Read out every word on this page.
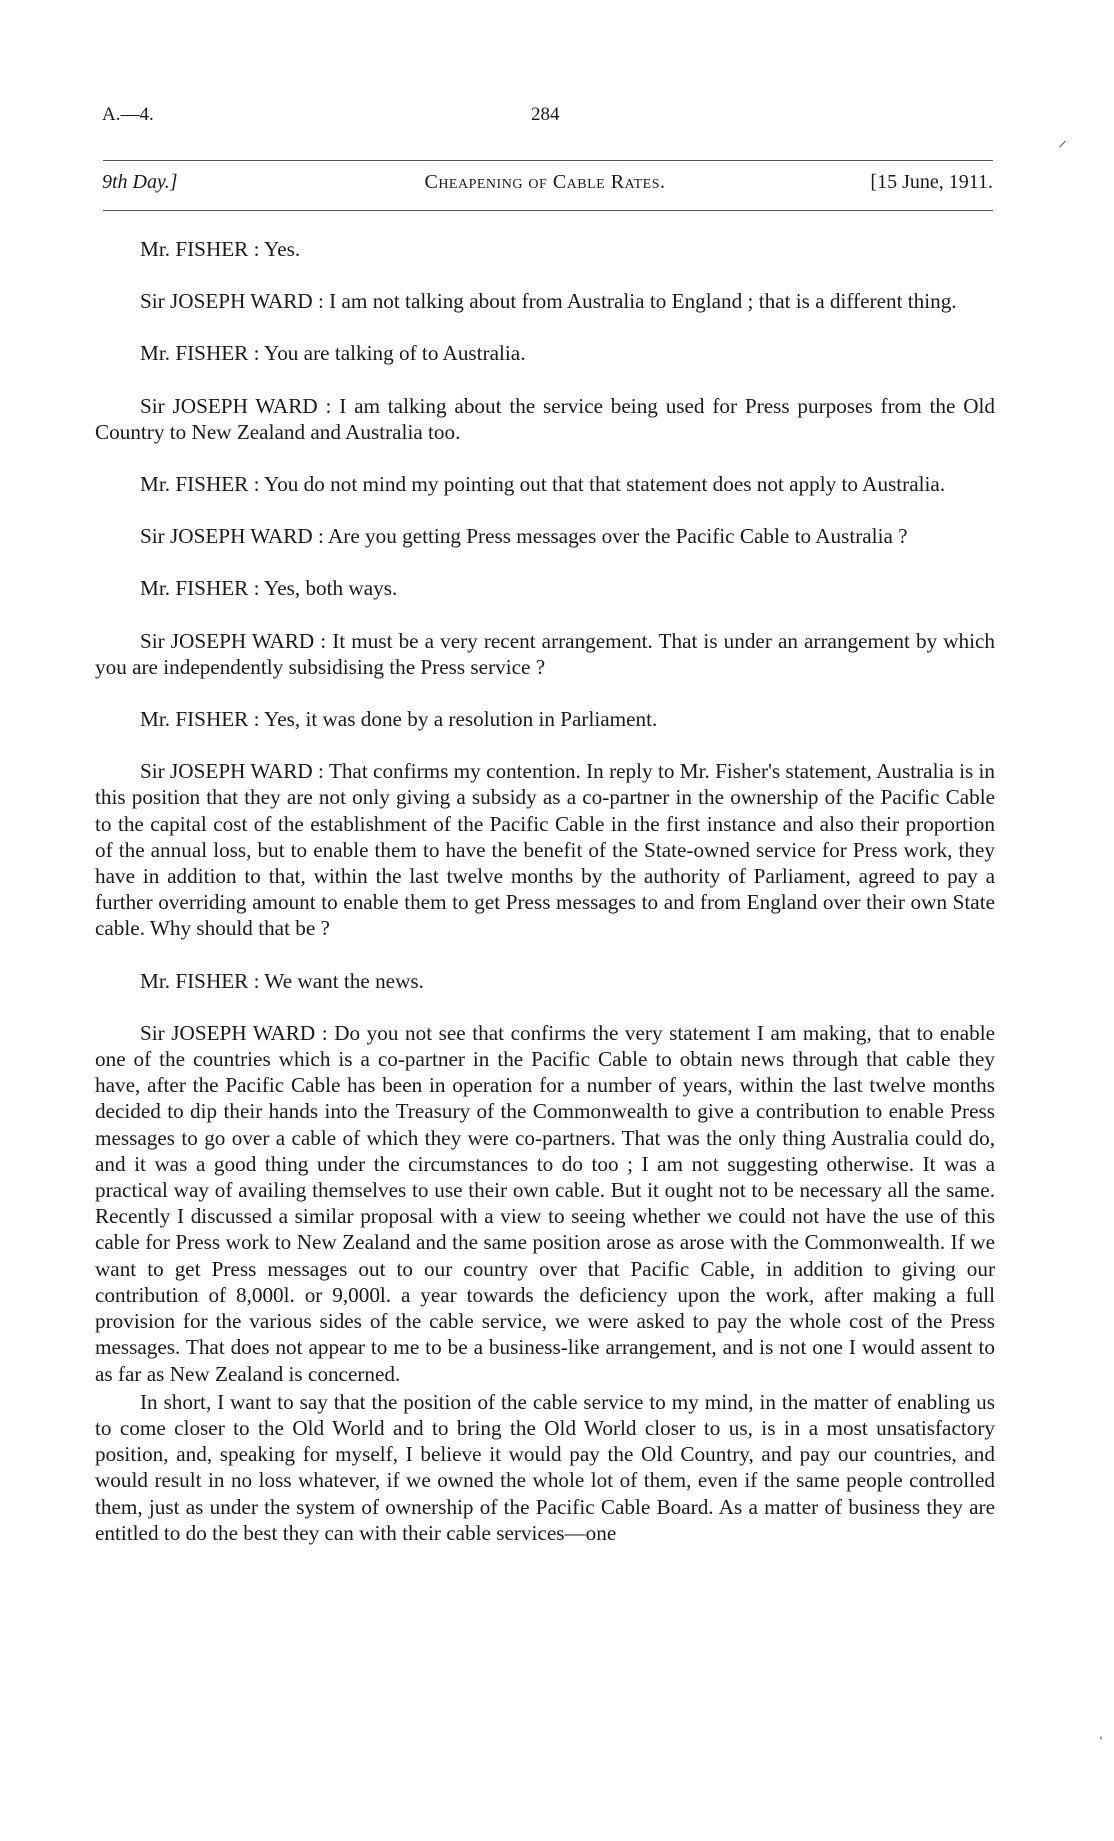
A.—4.	284
9th Day.]	Cheapening of Cable Rates.	[15 June, 1911.

Mr. FISHER : Yes.

Sir JOSEPH WARD : I am not talking about from Australia to England ; that is a different thing.

Mr. FISHER : You are talking of to Australia.

Sir JOSEPH WARD : I am talking about the service being used for Press purposes from the Old Country to New Zealand and Australia too.

Mr. FISHER : You do not mind my pointing out that that statement does not apply to Australia.

Sir JOSEPH WARD : Are you getting Press messages over the Pacific Cable to Australia ?

Mr. FISHER : Yes, both ways.

Sir JOSEPH WARD : It must be a very recent arrangement. That is under an arrangement by which you are independently subsidising the Press service ?

Mr. FISHER : Yes, it was done by a resolution in Parliament.

Sir JOSEPH WARD : That confirms my contention. In reply to Mr. Fisher's statement, Australia is in this position that they are not only giving a subsidy as a co-partner in the ownership of the Pacific Cable to the capital cost of the establishment of the Pacific Cable in the first instance and also their proportion of the annual loss, but to enable them to have the benefit of the State-owned service for Press work, they have in addition to that, within the last twelve months by the authority of Parliament, agreed to pay a further overriding amount to enable them to get Press messages to and from England over their own State cable. Why should that be ?

Mr. FISHER : We want the news.

Sir JOSEPH WARD : Do you not see that confirms the very statement I am making, that to enable one of the countries which is a co-partner in the Pacific Cable to obtain news through that cable they have, after the Pacific Cable has been in operation for a number of years, within the last twelve months decided to dip their hands into the Treasury of the Commonwealth to give a contribution to enable Press messages to go over a cable of which they were co-partners. That was the only thing Australia could do, and it was a good thing under the circumstances to do too ; I am not suggesting otherwise. It was a practical way of availing themselves to use their own cable. But it ought not to be necessary all the same. Recently I discussed a similar proposal with a view to seeing whether we could not have the use of this cable for Press work to New Zealand and the same position arose as arose with the Commonwealth. If we want to get Press messages out to our country over that Pacific Cable, in addition to giving our contribution of 8,000l. or 9,000l. a year towards the deficiency upon the work, after making a full provision for the various sides of the cable service, we were asked to pay the whole cost of the Press messages. That does not appear to me to be a business-like arrangement, and is not one I would assent to as far as New Zealand is concerned.

In short, I want to say that the position of the cable service to my mind, in the matter of enabling us to come closer to the Old World and to bring the Old World closer to us, is in a most unsatisfactory position, and, speaking for myself, I believe it would pay the Old Country, and pay our countries, and would result in no loss whatever, if we owned the whole lot of them, even if the same people controlled them, just as under the system of ownership of the Pacific Cable Board. As a matter of business they are entitled to do the best they can with their cable services—one

⸝
ˈ
